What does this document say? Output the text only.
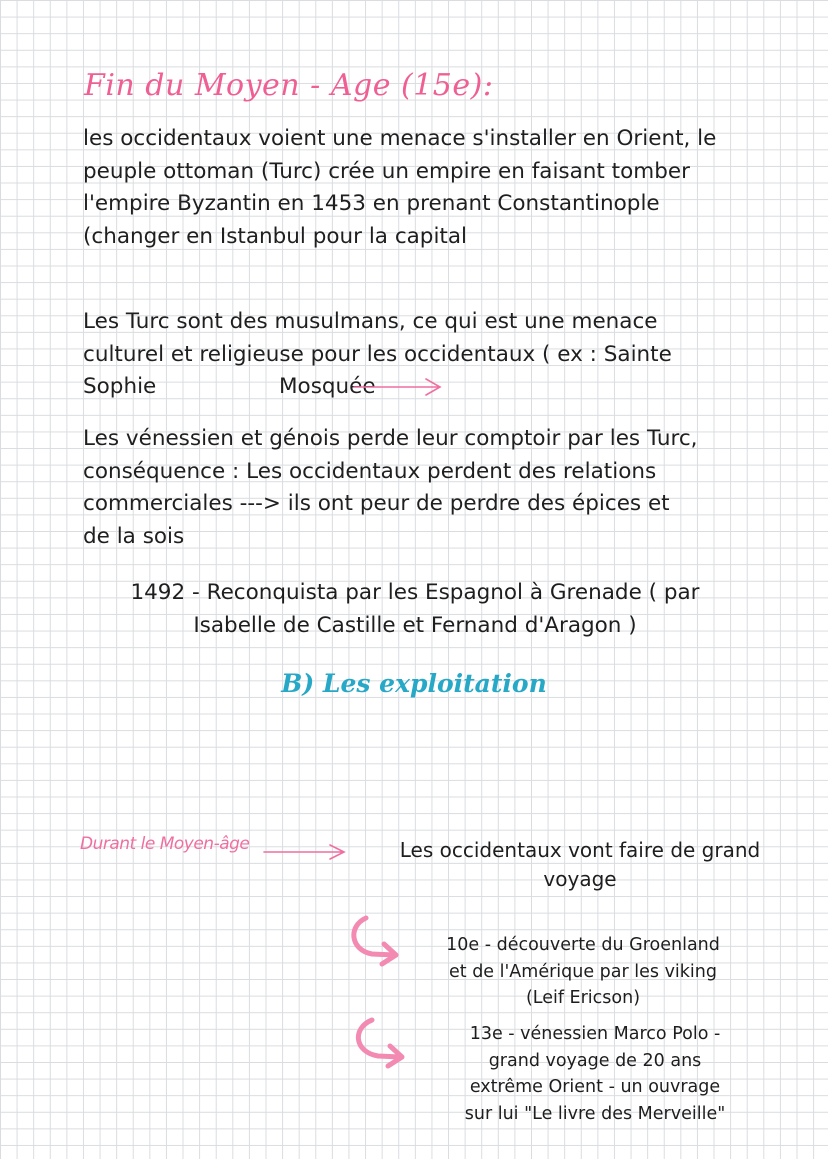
Fin du Moyen - Age (15e):
les occidentaux voient une menace s'installer en Orient, le
peuple ottoman (Turc) crée un empire en faisant tomber
l'empire Byzantin en 1453 en prenant Constantinople
(changer en Istanbul pour la capital
Les Turc sont des musulmans, ce qui est une menace
culturel et religieuse pour les occidentaux ( ex : Sainte
Sophie	Mosquée
Les vénessien et génois perde leur comptoir par les Turc,
conséquence : Les occidentaux perdent des relations
commerciales ---> ils ont peur de perdre des épices et
de la sois
1492 - Reconquista par les Espagnol à Grenade ( par
Isabelle de Castille et Fernand d'Aragon )
B) Les exploitation
Durant le Moyen-âge	Les occidentaux vont faire de grand
voyage
10e - découverte du Groenland
et de l'Amérique par les viking
(Leif Ericson)
13e - vénessien Marco Polo -
grand voyage de 20 ans
extrême Orient - un ouvrage
sur lui "Le livre des Merveille"
